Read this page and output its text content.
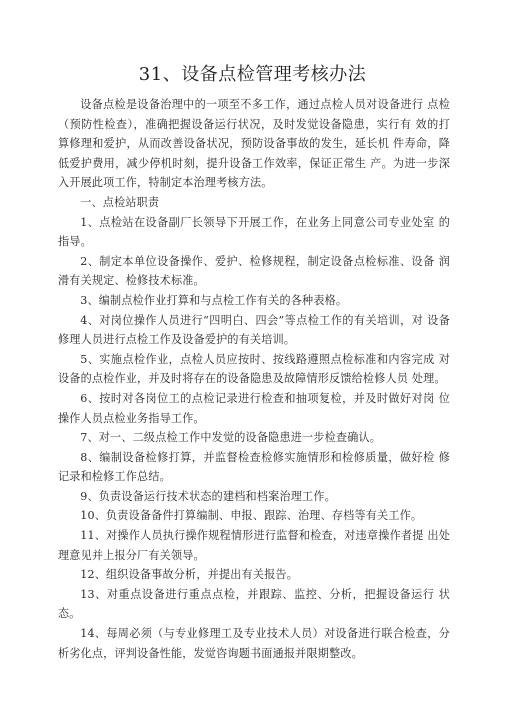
31、设备点检管理考核办法

设备点检是设备治理中的一项至不多工作，通过点检人员对设备进行 点检（预防性检查），准确把握设备运行状况，及时发觉设备隐患，实行有 效的打算修理和爱护，从而改善设备状况，预防设备事故的发生，延长机 件寿命，降低爱护费用，减少停机时刻，提升设备工作效率，保证正常生 产。为进一步深入开展此项工作，特制定本治理考核方法。

一、点检站职责

1、点检站在设备副厂长领导下开展工作，在业务上同意公司专业处室 的指导。

2、制定本单位设备操作、爱护、检修规程，制定设备点检标准、设备 润滑有关规定、检修技术标准。

3、编制点检作业打算和与点检工作有关的各种表格。

4、对岗位操作人员进行“四明白、四会”等点检工作的有关培训，对 设备修理人员进行点检工作及设备爱护的有关培训。

5、实施点检作业，点检人员应按时、按线路遵照点检标准和内容完成 对设备的点检作业，并及时将存在的设备隐患及故障情形反馈给检修人员 处理。

6、按时对各岗位工的点检记录进行检查和抽项复检，并及时做好对岗 位操作人员点检业务指导工作。

7、对一、二级点检工作中发觉的设备隐患进一步检查确认。

8、编制设备检修打算，并监督检查检修实施情形和检修质量，做好检 修记录和检修工作总结。

9、负责设备运行技术状态的建档和档案治理工作。

10、负责设备备件打算编制、申报、跟踪、治理、存档等有关工作。

11、对操作人员执行操作规程情形进行监督和检查，对违章操作者提 出处理意见并上报分厂有关领导。

12、组织设备事故分析，并提出有关报告。

13、对重点设备进行重点点检，并跟踪、监控、分析，把握设备运行 状态。

14、每周必须（与专业修理工及专业技术人员）对设备进行联合检查，分析劣化点，评判设备性能，发觉咨询题书面通报并限期整改。
